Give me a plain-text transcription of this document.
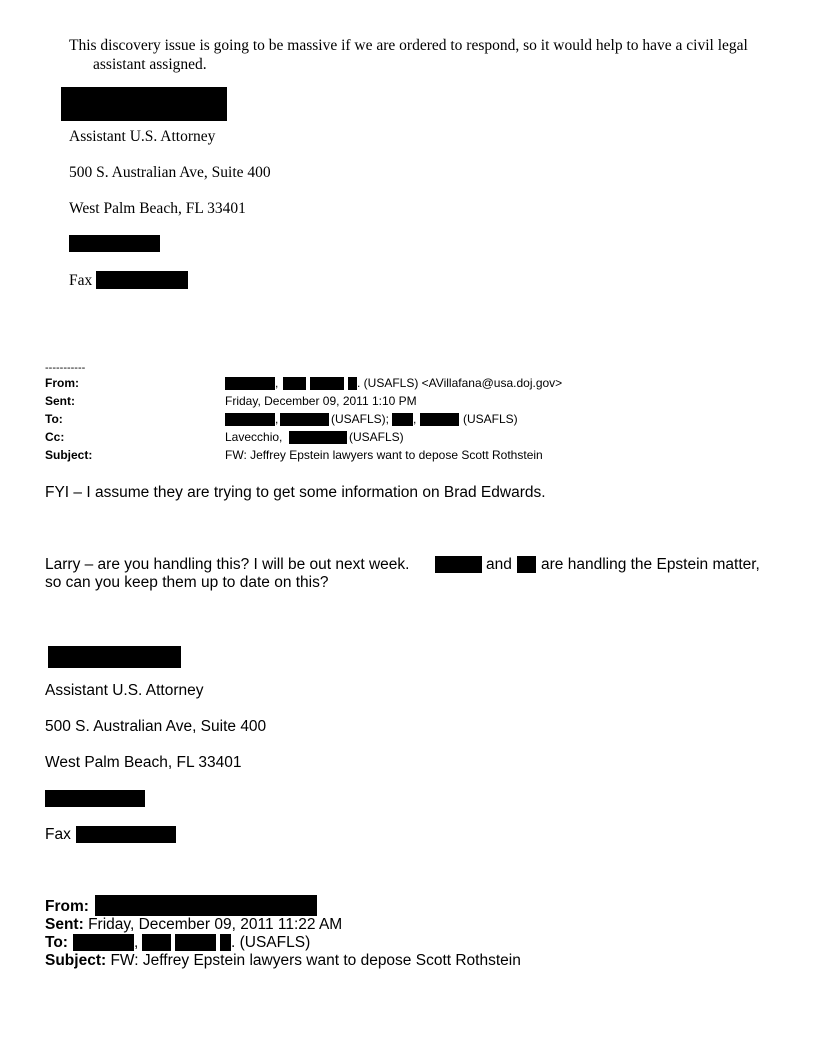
This discovery issue is going to be massive if we are ordered to respond, so it would help to have a civil legal
assistant assigned.
Assistant U.S. Attorney
500 S. Australian Ave, Suite 400
West Palm Beach, FL 33401
Fax
-----------
From:	,	. (USAFLS) <AVillafana@usa.doj.gov>
Sent:	Friday, December 09, 2011 1:10 PM
To:	,	(USAFLS); ,	(USAFLS)
Cc:	Lavecchio,	(USAFLS)
Subject:	FW: Jeffrey Epstein lawyers want to depose Scott Rothstein
FYI – I assume they are trying to get some information on Brad Edwards.
Larry – are you handling this? I will be out next week.	and are handling the Epstein matter,
so can you keep them up to date on this?
Assistant U.S. Attorney
500 S. Australian Ave, Suite 400
West Palm Beach, FL 33401
Fax
From:
Sent: Friday, December 09, 2011 11:22 AM
To:	,	. (USAFLS)
Subject: FW: Jeffrey Epstein lawyers want to depose Scott Rothstein
